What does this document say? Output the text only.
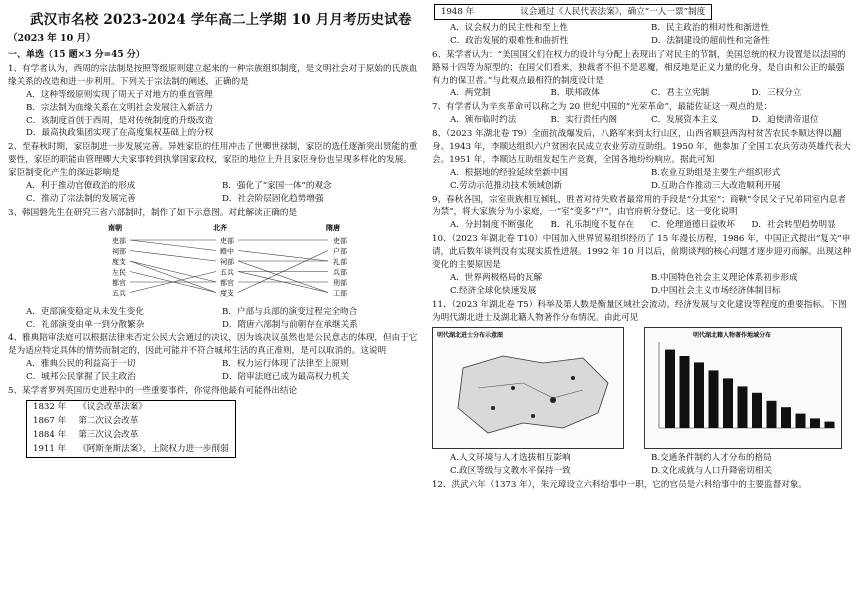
武汉市名校 2023-2024 学年高二上学期 10 月月考历史试卷
（2023 年 10 月）
一、单选（15 题×3 分=45 分）

1、有学者认为，西周的宗法制是按照等级原则建立起来的一种宗族组织制度，是文明社会对于原始的氏族血缘关系的改造和进一步利用。下列关于宗法制的阐述，正确的是

A．这种等级原则实现了周天子对地方的垂直管理

B．宗法制为血缘关系在文明社会发展注入新活力

C．该制度首创于西周，是对传统制度的升级改造

D．最高执政集团实现了在高度集权基础上的分权

2、至春秋时期，家臣制进一步发展完善。异姓家臣的任用冲击了世卿世禄制，家臣的选任逐渐突出贤能的重要性，家臣的职能由管理卿大夫家事转到执掌国家政权，家臣的地位上升且家臣身份也呈现多样化的发展。家臣制变化产生的深远影响是

A．利于推动官僚政治的形成	B．强化了“家国一体”的观念
C．推动了宗法制的发展完善	D．社会阶层固化趋势增强

3、韩国磐先生在研究三省六部制时，制作了如下示意图。对此解读正确的是

南朝	北齐	隋唐
吏部
祠部
度支
左民
都官
五兵
吏部
殿中
祠部
五兵
都官
度支
吏部
户部
礼部
兵部
刑部
工部
A．吏部演变稳定从未发生变化	B．户部与兵部的演变过程完全吻合
C．礼部演变由单一到分散繁杂	D．隋唐六部制与前朝存在承继关系

4、雅典陪审法庭可以根据法律来否定公民大会通过的决议，因为该决议虽然也是公民意志的体现，但由于它是为适应特定具体的情势而制定的，因此可能并不符合城邦生活的真正准则，是可以取消的。这说明

A．雅典公民的利益高于一切	B．权力运行体现了法律至上原则
C．城邦公民掌握了民主政治	D．陪审法庭已成为最高权力机关

5、某学者罗列英国历史进程中的一些重要事件，你觉得他最有可能得出结论

1832 年	《议会改革法案》
1867 年	第二次议会改革
1884 年	第三次议会改革
1911 年	《阿斯奎斯法案》，上院权力进一步削弱
1948 年	议会通过《人民代表法案》，确立“一人一票”制度
A．议会权力的民主性和至上性	B．民主政治的相对性和渐进性
C．政治发展的艰难性和曲折性	D．法制建设的超前性和完备性

6、某学者认为：“美国国父们在权力的设计与分配上表现出了对民主的节制，美国总统的权力设置是以法国的路易十四等为原型的；在国父们看来，独裁者不但不是恶魔，相反地是正义力量的化身，是自由和公正的最强有力的保卫者。”与此观点最相符的制度设计是

A．两党制	B．联邦政体	C．君主立宪制	D．三权分立

7、有学者认为辛亥革命可以称之为 20 世纪中国的“光荣革命”，最能佐证这一观点的是：

A．颁布临时约法	B．实行责任内阁	C．发展资本主义	D．迫使清帝退位

8、（2023 年湖北卷 T9）全面抗战爆发后，八路军来到太行山区，山西省顺县西沟村贫苦农民李顺达得以翻身。1943 年，李顺达组织六户贫困农民成立农业劳动互助组。1950 年，他参加了全国工农兵劳动英雄代表大会。1951 年，李顺达互助组发起生产竞赛，全国各地纷纷响应。据此可知

A．根据地的经验延续至新中国	B.农业互助组是主要生产组织形式
C.劳动示范推动技术领域创新	D.互助合作推动三大改造顺利开展

9、春秋各国，宗室贵族相互倾轧，胜者对待失败者最常用的手段是“分其室”；商鞅“令民父子兄弟同室内息者为禁”，将大家族分为小家庭，一“室”变多“户”，由官府析分登记。这一变化说明

A．分封制度不断强化	B．礼乐制度不复存在	C．伦理道德日益败坏	D．社会转型趋势明显

10、（2023 年湖北卷 T10）中国加入世界贸易组织经历了 15 年漫长历程，1986 年，中国正式提出“复关”申请，此后数年谈判没有实现实质性进展。1992 年 10 月以后，前期谈判的核心问题才逐步迎刃而解。出现这种变化的主要原因是

A．世界两极格局的瓦解	B.中国特色社会主义理论体系初步形成
C.经济全球化快速发展	D.中国社会主义市场经济体制目标

11、（2023 年湖北卷 T5）科举及第人数是衡量区域社会流动、经济发展与文化建设等程度的重要指标。下图为明代湖北进士及湖北籍人物著作分布情况。由此可见

明代湖北进士分布示意图	明代湖北籍人物著作地域分布
A.人文环境与人才选拔相互影响	B.交通条件制约人才分布的格局
C.政区等级与文教水平保持一致	D.文化成就与人口升降密切相关

12、洪武六年（1373 年），朱元璋设立六科给事中一职，它的官员是六科给事中的主要监督对象。
